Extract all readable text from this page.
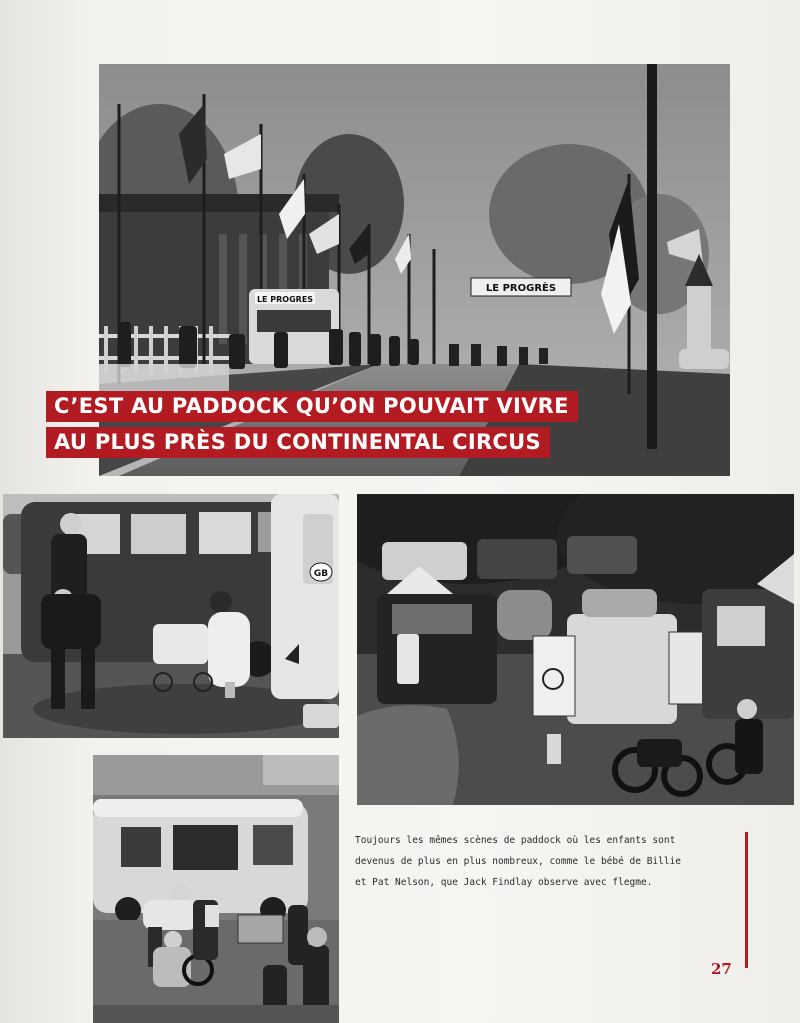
LE PROGRÈS
LE PROGRES
C’EST AU PADDOCK QU’ON POUVAIT VIVRE
AU PLUS PRÈS DU CONTINENTAL CIRCUS
GB
Toujours les mêmes scènes de paddock où les enfants sont
devenus de plus en plus nombreux, comme le bébé de Billie
et Pat Nelson, que Jack Findlay observe avec flegme.
27
